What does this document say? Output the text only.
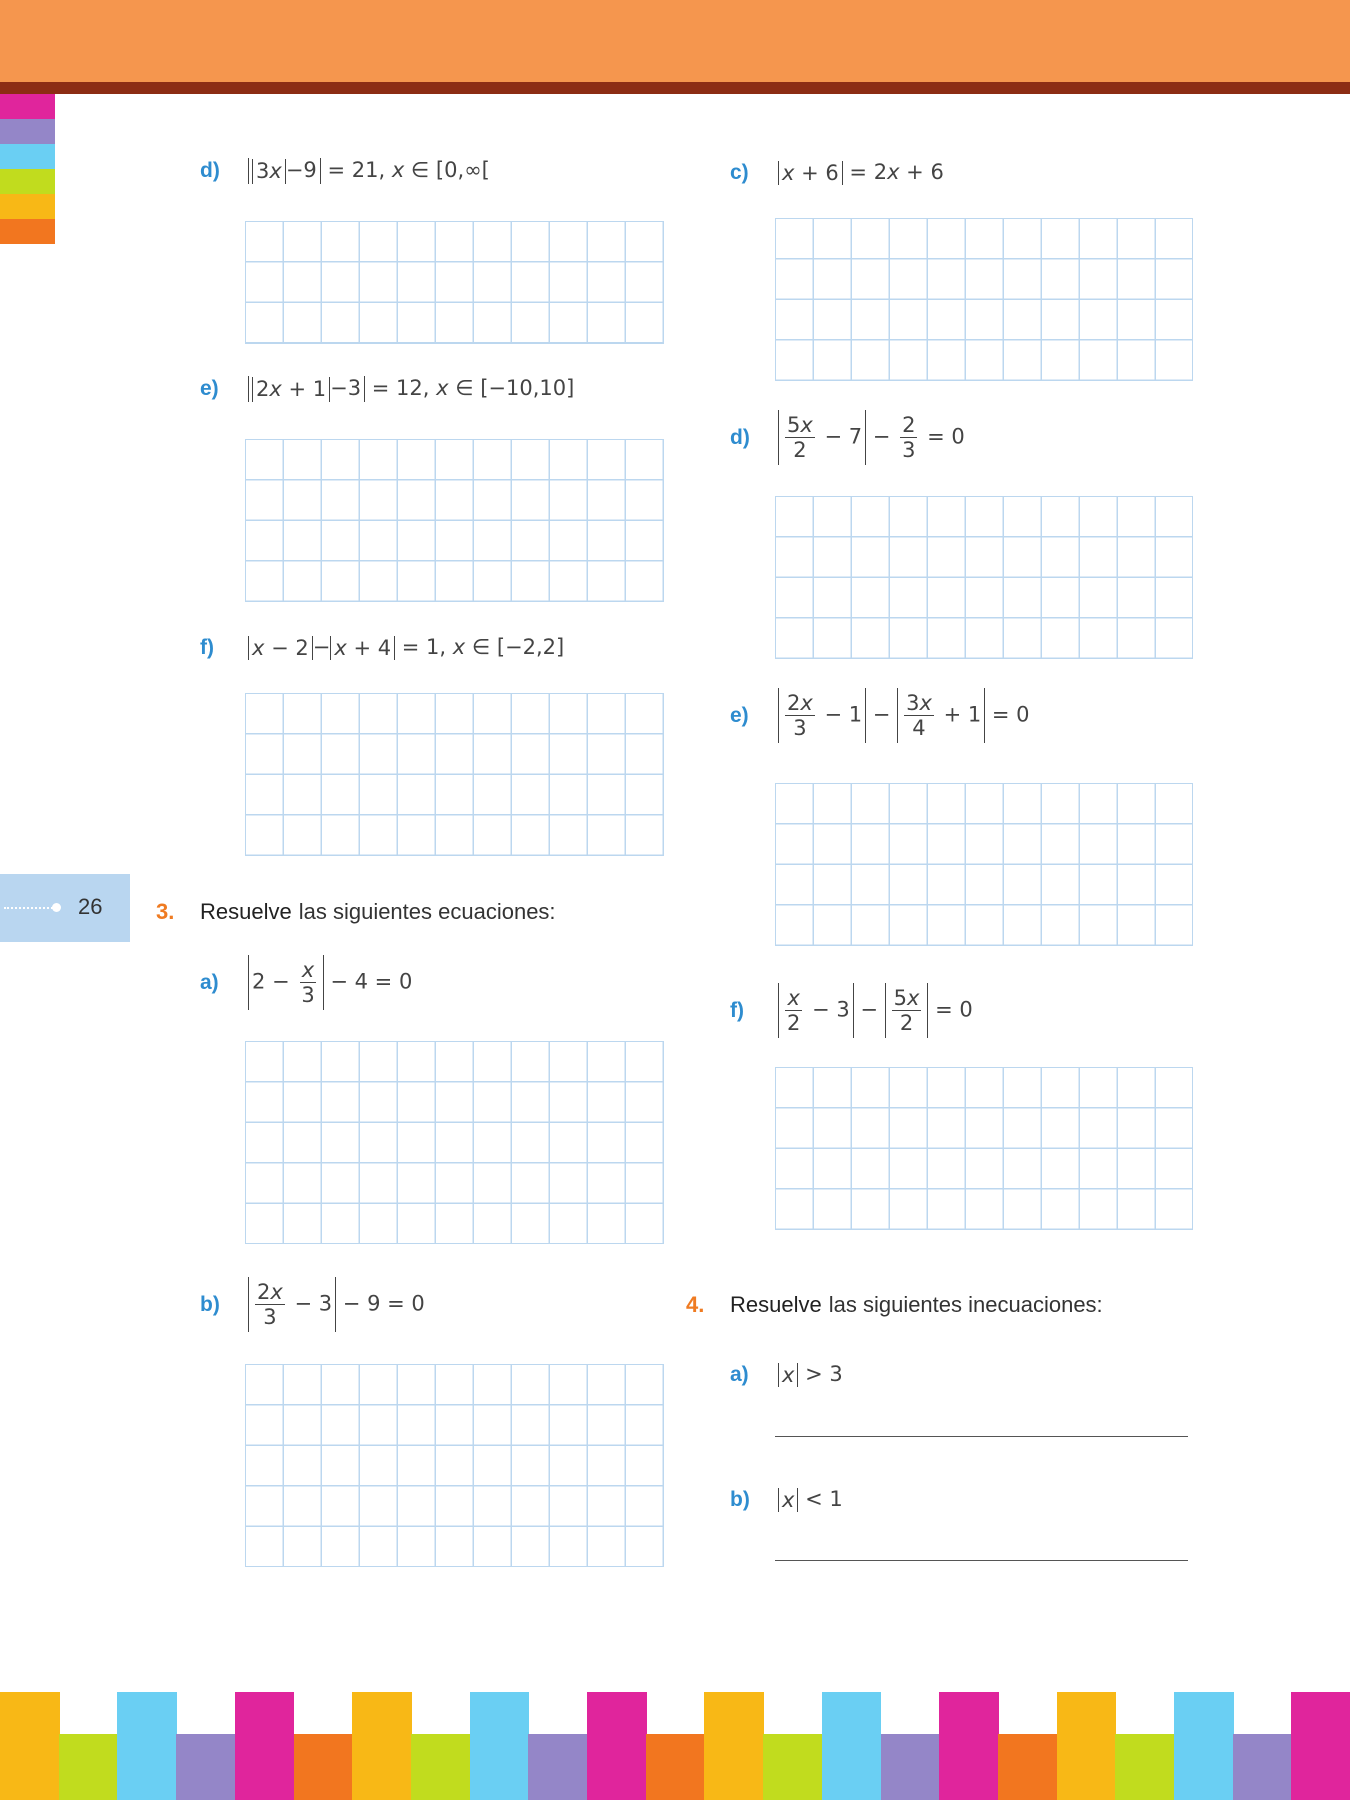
26
d)	3x −9 = 21, x ∈ [0,∞[
e)	2x + 1 −3 = 12, x ∈ [−10,10]
f)	x − 2 − x + 4 = 1, x ∈ [−2,2]
3.	Resuelve las siguientes ecuaciones:
a)	$2 - \frac{x}{3} - 4 = 0$
b)	$\frac{2x}{3} - 3 - 9 = 0$
c)	x + 6 = 2x + 6
d)	$\frac{5x}{2} - 7 - \frac{2}{3} = 0$
e)	$\frac{2x}{3} - 1 - \frac{3x}{4} + 1 = 0$
f)	$\frac{x}{2} - 3 - \frac{5x}{2} = 0$
4.	Resuelve las siguientes inecuaciones:
a)	x > 3
b)	x < 1
